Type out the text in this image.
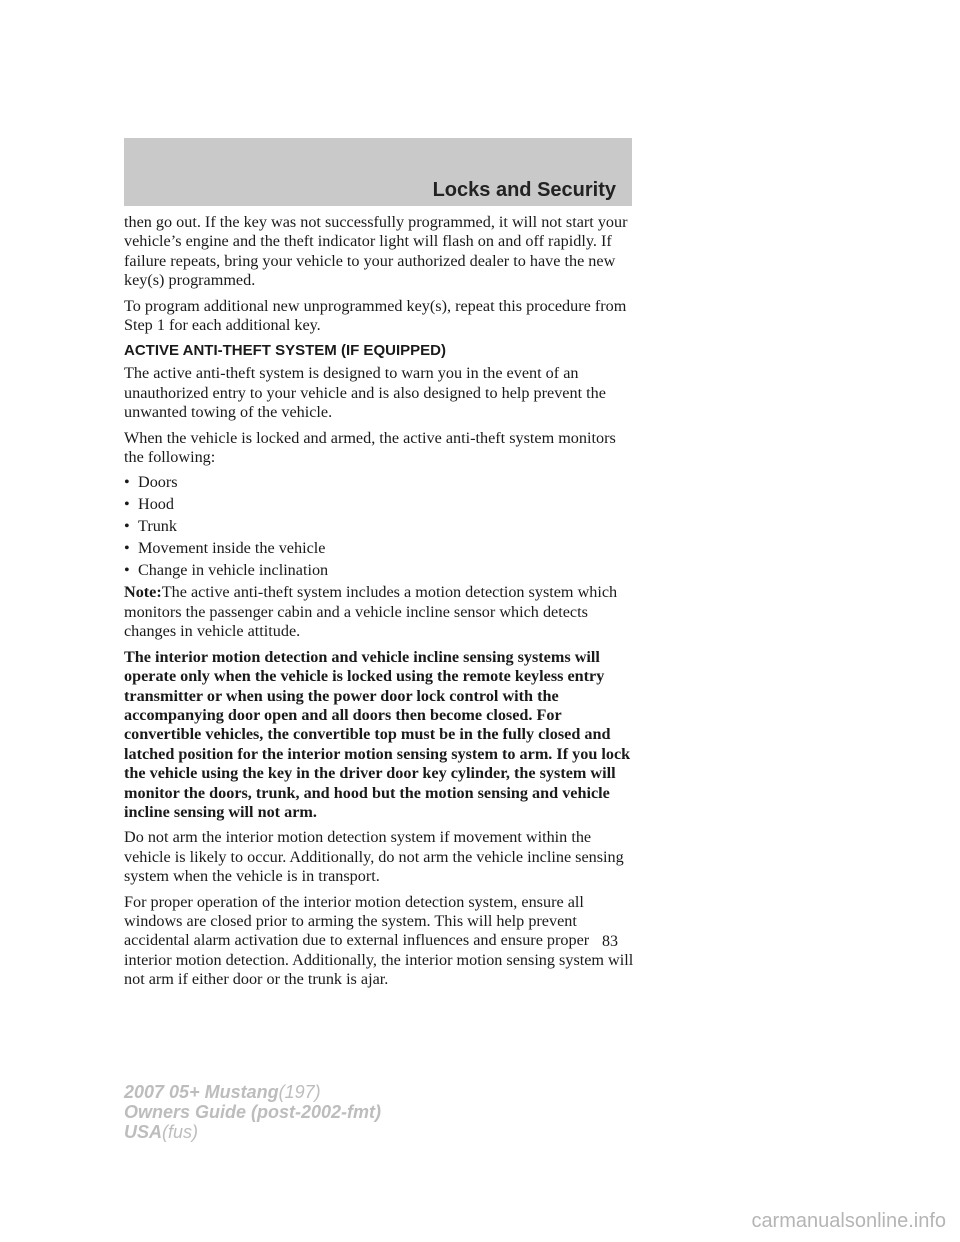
Locks and Security

then go out. If the key was not successfully programmed, it will not start your vehicle’s engine and the theft indicator light will flash on and off rapidly. If failure repeats, bring your vehicle to your authorized dealer to have the new key(s) programmed.

To program additional new unprogrammed key(s), repeat this procedure from Step 1 for each additional key.

ACTIVE ANTI-THEFT SYSTEM (IF EQUIPPED)

The active anti-theft system is designed to warn you in the event of an unauthorized entry to your vehicle and is also designed to help prevent the unwanted towing of the vehicle.

When the vehicle is locked and armed, the active anti-theft system monitors the following:

• Doors
• Hood
• Trunk
• Movement inside the vehicle
• Change in vehicle inclination

Note:The active anti-theft system includes a motion detection system which monitors the passenger cabin and a vehicle incline sensor which detects changes in vehicle attitude.

The interior motion detection and vehicle incline sensing systems will operate only when the vehicle is locked using the remote keyless entry transmitter or when using the power door lock control with the accompanying door open and all doors then become closed. For convertible vehicles, the convertible top must be in the fully closed and latched position for the interior motion sensing system to arm. If you lock the vehicle using the key in the driver door key cylinder, the system will monitor the doors, trunk, and hood but the motion sensing and vehicle incline sensing will not arm.

Do not arm the interior motion detection system if movement within the vehicle is likely to occur. Additionally, do not arm the vehicle incline sensing system when the vehicle is in transport.

For proper operation of the interior motion detection system, ensure all windows are closed prior to arming the system. This will help prevent accidental alarm activation due to external influences and ensure proper interior motion detection. Additionally, the interior motion sensing system will not arm if either door or the trunk is ajar.

83
2007 05+ Mustang(197)
Owners Guide (post-2002-fmt)
USA(fus)
carmanualsonline.info
